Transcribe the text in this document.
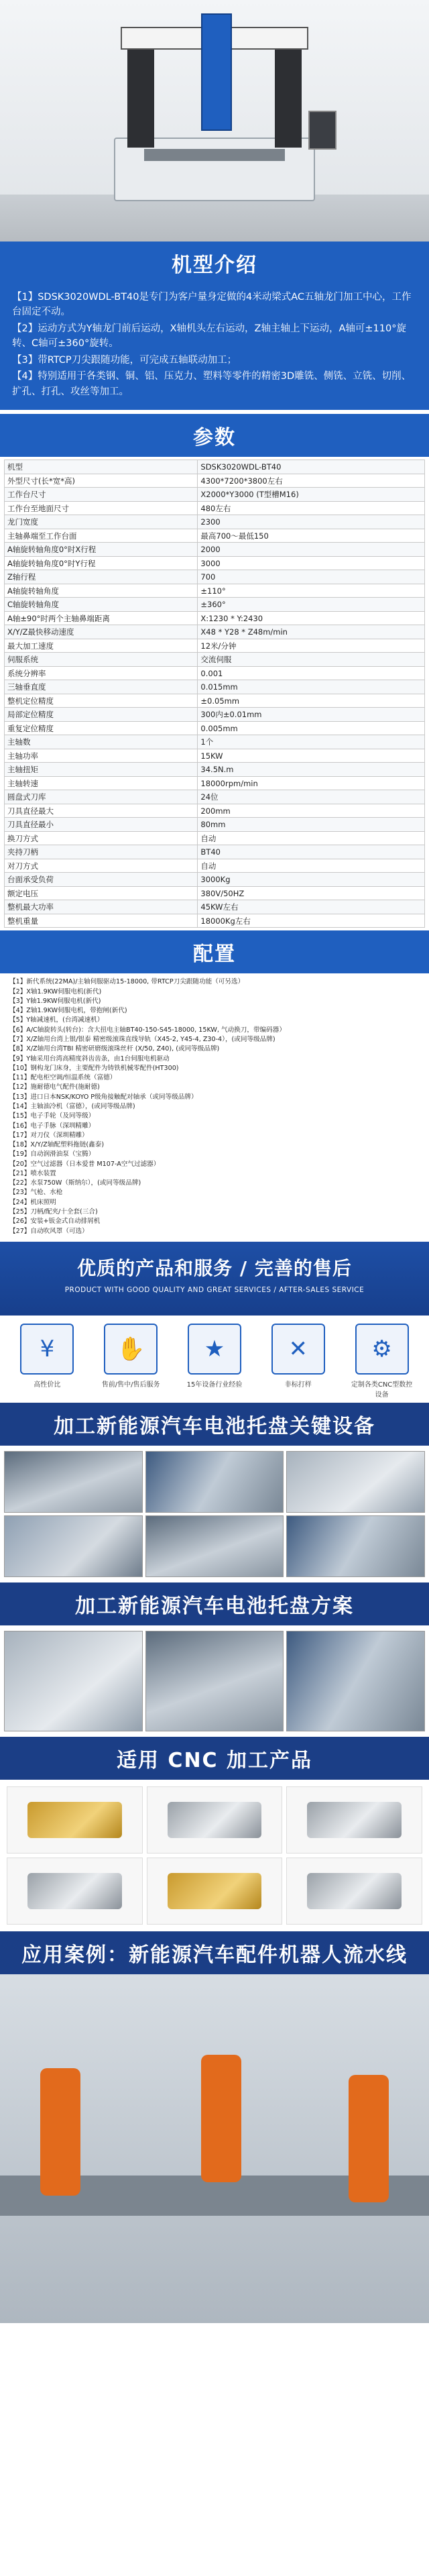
机型介绍

【1】SDSK3020WDL-BT40是专门为客户量身定做的4米动梁式AC五轴龙门加工中心，工作台固定不动。

【2】运动方式为Y轴龙门前后运动，X轴机头左右运动，Z轴主轴上下运动，A轴可±110°旋转、C轴可±360°旋转。

【3】带RTCP刀尖跟随功能，可完成五轴联动加工；

【4】特别适用于各类钢、铜、铝、压克力、塑料等零件的精密3D雕铣、侧铣、立铣、切削、扩孔、打孔、攻丝等加工。

参数
机型	SDSK3020WDL-BT40
外型尺寸(长*宽*高)	4300*7200*3800左右
工作台尺寸	X2000*Y3000 (T型槽M16)
工作台至地面尺寸	480左右
龙门宽度	2300
主轴鼻端至工作台面	最高700～最低150
A轴旋转轴角度0°时X行程	2000
A轴旋转轴角度0°时Y行程	3000
Z轴行程	700
A轴旋转轴角度	±110°
C轴旋转轴角度	±360°
A轴±90°时两个主轴鼻端距离	X:1230 * Y:2430
X/Y/Z最快移动速度	X48 * Y28 * Z48m/min
最大加工速度	12米/分钟
伺服系统	交流伺服
系统分辨率	0.001
三轴垂直度	0.015mm
整机定位精度	±0.05mm
局部定位精度	300内±0.01mm
重复定位精度	0.005mm
主轴数	1个
主轴功率	15KW
主轴扭矩	34.5N.m
主轴转速	18000rpm/min
圆盘式刀库	24位
刀具直径最大	200mm
刀具直径最小	80mm
换刀方式	自动
夹持刀柄	BT40
对刀方式	自动
台面承受负荷	3000Kg
额定电压	380V/50HZ
整机最大功率	45KW左右
整机重量	18000Kg左右
配置
【1】新代系统(22MA)/主轴伺服驱动15-18000, 带RTCP刀尖跟随功能（可另选）
【2】X轴1.9KW伺服电机(新代)
【3】Y轴1.9KW伺服电机(新代)
【4】Z轴1.9KW伺服电机，带抱闸(新代)
【5】Y轴减速机，(台湾减速机）
【6】A/C轴旋转头(转台)：含大扭电主轴BT40-150-S45-18000, 15KW, 气动换刀，带编码器）
【7】X/Z轴用台湾上银/银泰 精密级滚珠直线导轨（X45-2, Y45-4, Z30-4），(或同等级品牌)
【8】X/Z轴用台湾TBI 精密研磨级滚珠丝杆 (X/50, Z40), (或同等级品牌)
【9】Y轴采用台湾高精度斜齿齿条，由1台伺服电机驱动
【10】钢构龙门床身，主要配件为铸铁机械零配件(HT300)
【11】配电柜空调/恒温系统（富德）
【12】施耐德电气配件(施耐德)
【13】进口日本NSK/KOYO P级角接触配对轴承（或同等级品牌）
【14】主轴油冷机（富德），(或同等级品牌)
【15】电子手轮（及同等级）
【16】电子手脉（深圳精雕）
【17】对刀仪（深圳精雕）
【18】X/Y/Z轴配塑料拖链(鑫泰)
【19】自动润滑油泵（宝腾）
【20】空气过滤器（日本爱普 M107-A空气过滤器）
【21】喷水装置
【22】水泵750W（斯纳尔），(或同等级品牌)
【23】气枪、水枪
【24】机床照明
【25】刀柄/配夹/十全套(三合)
【26】安装+钣金式自动排屑机
【27】自动吹风罩（可选）
优质的产品和服务 / 完善的售后
PRODUCT WITH GOOD QUALITY AND GREAT SERVICES / AFTER-SALES SERVICE
¥
高性价比
✋
售前/售中/售后服务
★
15年设备行业经验
✕
非标打样
⚙
定制各类CNC型数控设备
加工新能源汽车电池托盘关键设备
加工新能源汽车电池托盘方案
适用 CNC 加工产品
应用案例：新能源汽车配件机器人流水线
